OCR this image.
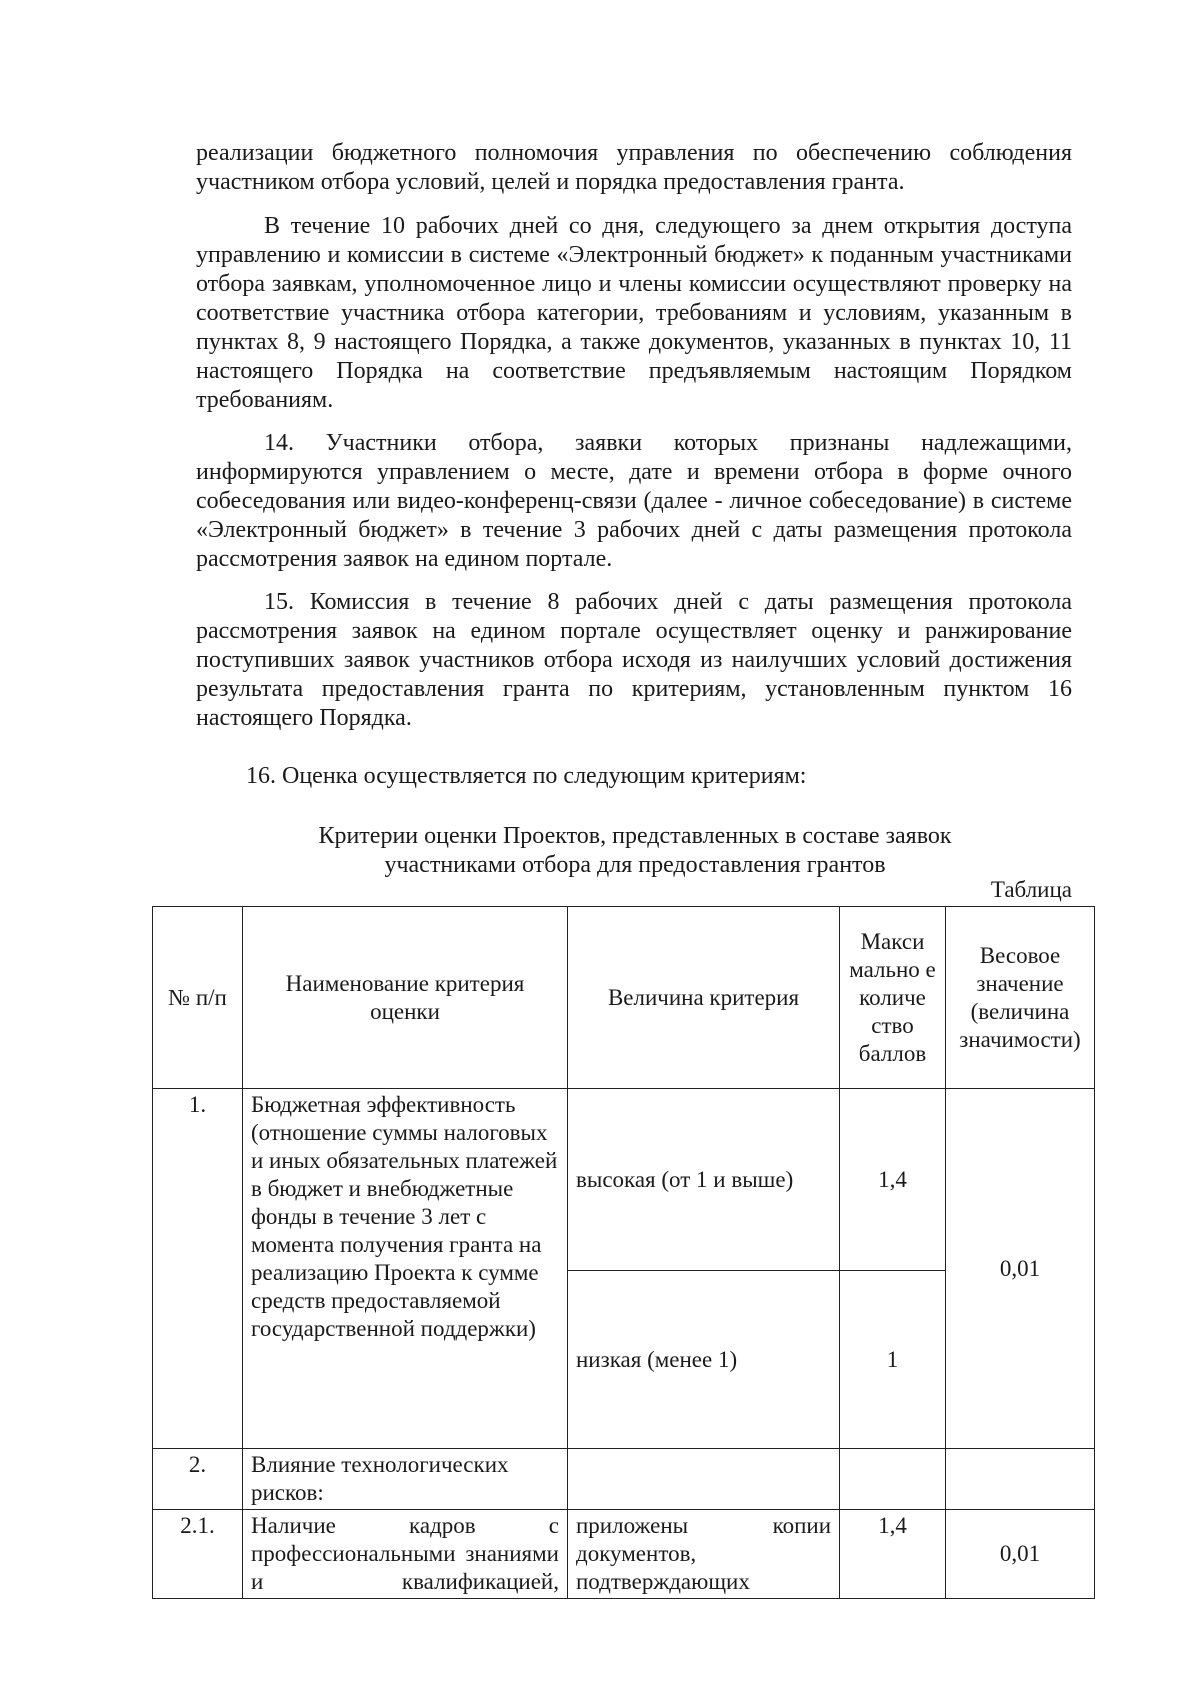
реализации бюджетного полномочия управления по обеспечению соблюдения участником отбора условий, целей и порядка предоставления гранта.

В течение 10 рабочих дней со дня, следующего за днем открытия доступа управлению и комиссии в системе «Электронный бюджет» к поданным участниками отбора заявкам, уполномоченное лицо и члены комиссии осуществляют проверку на соответствие участника отбора категории, требованиям и условиям, указанным в пунктах 8, 9 настоящего Порядка, а также документов, указанных в пунктах 10, 11 настоящего Порядка на соответствие предъявляемым настоящим Порядком требованиям.

14. Участники отбора, заявки которых признаны надлежащими, информируются управлением о месте, дате и времени отбора в форме очного собеседования или видео-конференц-связи (далее - личное собеседование) в системе «Электронный бюджет» в течение 3 рабочих дней с даты размещения протокола рассмотрения заявок на едином портале.

15. Комиссия в течение 8 рабочих дней с даты размещения протокола рассмотрения заявок на едином портале осуществляет оценку и ранжирование поступивших заявок участников отбора исходя из наилучших условий достижения результата предоставления гранта по критериям, установленным пунктом 16 настоящего Порядка.

16. Оценка осуществляется по следующим критериям:
Критерии оценки Проектов, представленных в составе заявок
участниками отбора для предоставления грантов
Таблица
№ п/п	Наименование критерия оценки	Величина критерия	Макси мально е количе ство баллов	Весовое значение (величина значимости)
1.	Бюджетная эффективность (отношение суммы налоговых и иных обязательных платежей в бюджет и внебюджетные фонды в течение 3 лет с момента получения гранта на реализацию Проекта к сумме средств предоставляемой государственной поддержки)	высокая (от 1 и выше)	1,4	0,01
		низкая (менее 1)	1	
2.	Влияние технологических рисков:			
2.1.	Наличие кадров с профессиональными знаниями и квалификацией,	приложены копии документов, подтверждающих	1,4	0,01
